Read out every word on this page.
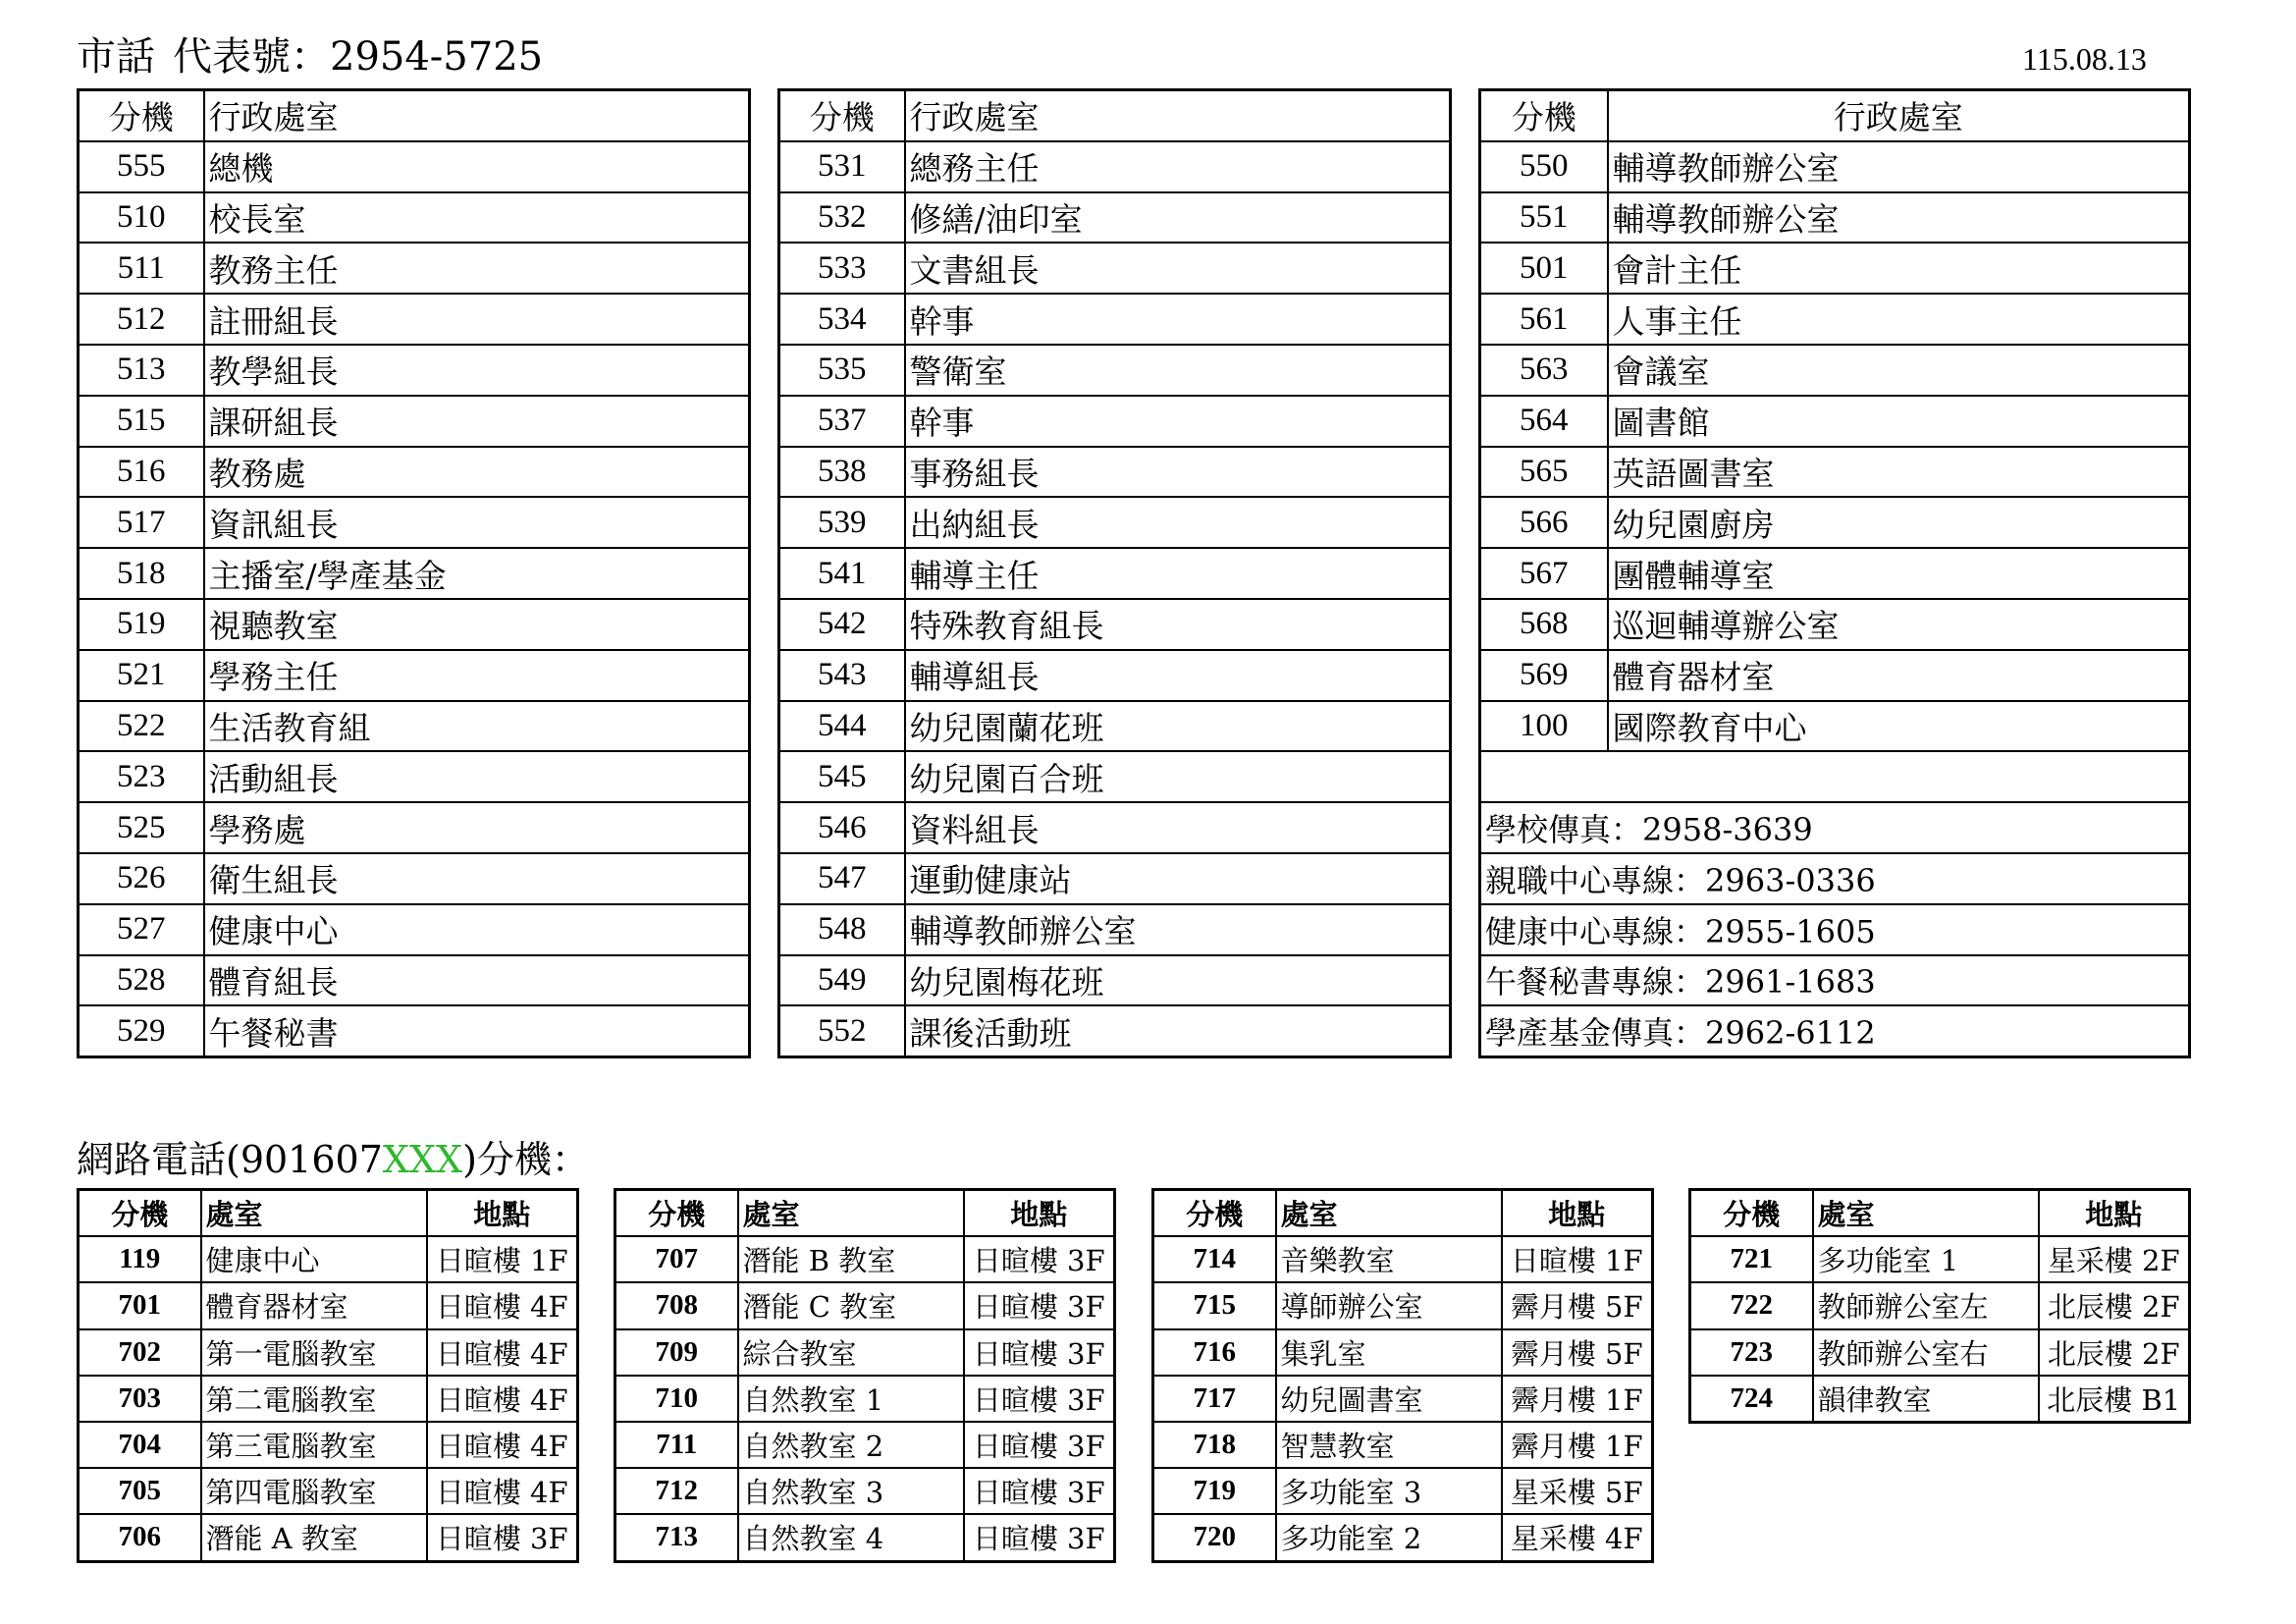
市話 代表號：2954-5725	115.08.13
分機	行政處室
555	總機
510	校長室
511	教務主任
512	註冊組長
513	教學組長
515	課研組長
516	教務處
517	資訊組長
518	主播室/學產基金
519	視聽教室
521	學務主任
522	生活教育組
523	活動組長
525	學務處
526	衛生組長
527	健康中心
528	體育組長
529	午餐秘書
分機	行政處室
531	總務主任
532	修繕/油印室
533	文書組長
534	幹事
535	警衛室
537	幹事
538	事務組長
539	出納組長
541	輔導主任
542	特殊教育組長
543	輔導組長
544	幼兒園蘭花班
545	幼兒園百合班
546	資料組長
547	運動健康站
548	輔導教師辦公室
549	幼兒園梅花班
552	課後活動班
分機	行政處室
550	輔導教師辦公室
551	輔導教師辦公室
501	會計主任
561	人事主任
563	會議室
564	圖書館
565	英語圖書室
566	幼兒園廚房
567	團體輔導室
568	巡迴輔導辦公室
569	體育器材室
100	國際教育中心

學校傳真：2958-3639	
親職中心專線：2963-0336	
健康中心專線：2955-1605	
午餐秘書專線：2961-1683	
學產基金傳真：2962-6112	
網路電話(901607XXX)分機：
分機	處室	地點
119	健康中心	日暄樓 1F
701	體育器材室	日暄樓 4F
702	第一電腦教室	日暄樓 4F
703	第二電腦教室	日暄樓 4F
704	第三電腦教室	日暄樓 4F
705	第四電腦教室	日暄樓 4F
706	潛能 A 教室	日暄樓 3F
分機	處室	地點
707	潛能 B 教室	日暄樓 3F
708	潛能 C 教室	日暄樓 3F
709	綜合教室	日暄樓 3F
710	自然教室 1	日暄樓 3F
711	自然教室 2	日暄樓 3F
712	自然教室 3	日暄樓 3F
713	自然教室 4	日暄樓 3F
分機	處室	地點
714	音樂教室	日暄樓 1F
715	導師辦公室	霽月樓 5F
716	集乳室	霽月樓 5F
717	幼兒圖書室	霽月樓 1F
718	智慧教室	霽月樓 1F
719	多功能室 3	星采樓 5F
720	多功能室 2	星采樓 4F
分機	處室	地點
721	多功能室 1	星采樓 2F
722	教師辦公室左	北辰樓 2F
723	教師辦公室右	北辰樓 2F
724	韻律教室	北辰樓 B1
